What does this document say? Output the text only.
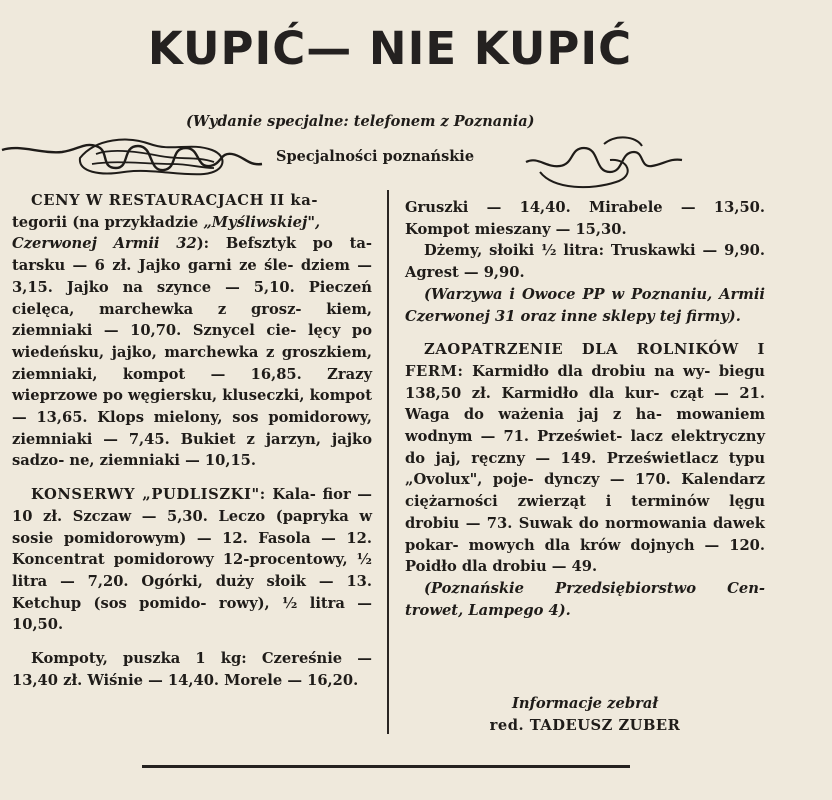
KUPIĆ— NIE KUPIĆ
(Wydanie specjalne: telefonem z Poznania)
Specjalności poznańskie

CENY W RESTAURACJACH II ka-
tegorii (na przykładzie „Myśliwskiej",
Czerwonej Armii 32): Befsztyk po ta- tarsku — 6 zł. Jajko garni ze śle- dziem — 3,15. Jajko na szynce — 5,10. Pieczeń cielęca, marchewka z grosz- kiem, ziemniaki — 10,70. Sznycel cie- lęcy po wiedeńsku, jajko, marchewka z groszkiem, ziemniaki, kompot — 16,85. Zrazy wieprzowe po węgiersku, kluseczki, kompot — 13,65. Klops mielony, sos pomidorowy, ziemniaki — 7,45. Bukiet z jarzyn, jajko sadzo- ne, ziemniaki — 10,15.

KONSERWY „PUDLISZKI": Kala- fior — 10 zł. Szczaw — 5,30. Leczo (papryka w sosie pomidorowym) — 12. Fasola — 12. Koncentrat pomidorowy 12-procentowy, ½ litra — 7,20. Ogórki, duży słoik — 13. Ketchup (sos pomido- rowy), ½ litra — 10,50.

Kompoty, puszka 1 kg: Czereśnie — 13,40 zł. Wiśnie — 14,40. Morele — 16,20.

Gruszki — 14,40. Mirabele — 13,50. Kompot mieszany — 15,30.

Dżemy, słoiki ½ litra: Truskawki — 9,90. Agrest — 9,90.

(Warzywa i Owoce PP w Poznaniu, Armii Czerwonej 31 oraz inne sklepy tej firmy).

ZAOPATRZENIE DLA ROLNIKÓW I FERM: Karmidło dla drobiu na wy- biegu 138,50 zł. Karmidło dla kur- cząt — 21. Waga do ważenia jaj z ha- mowaniem wodnym — 71. Przeświet- lacz elektryczny do jaj, ręczny — 149. Prześwietlacz typu „Ovolux", poje- dynczy — 170. Kalendarz ciężarności zwierząt i terminów lęgu drobiu — 73. Suwak do normowania dawek pokar- mowych dla krów dojnych — 120. Poidło dla drobiu — 49.

(Poznańskie Przedsiębiorstwo Cen- trowet, Lampego 4).

Informacje zebrał
red. TADEUSZ ZUBER
